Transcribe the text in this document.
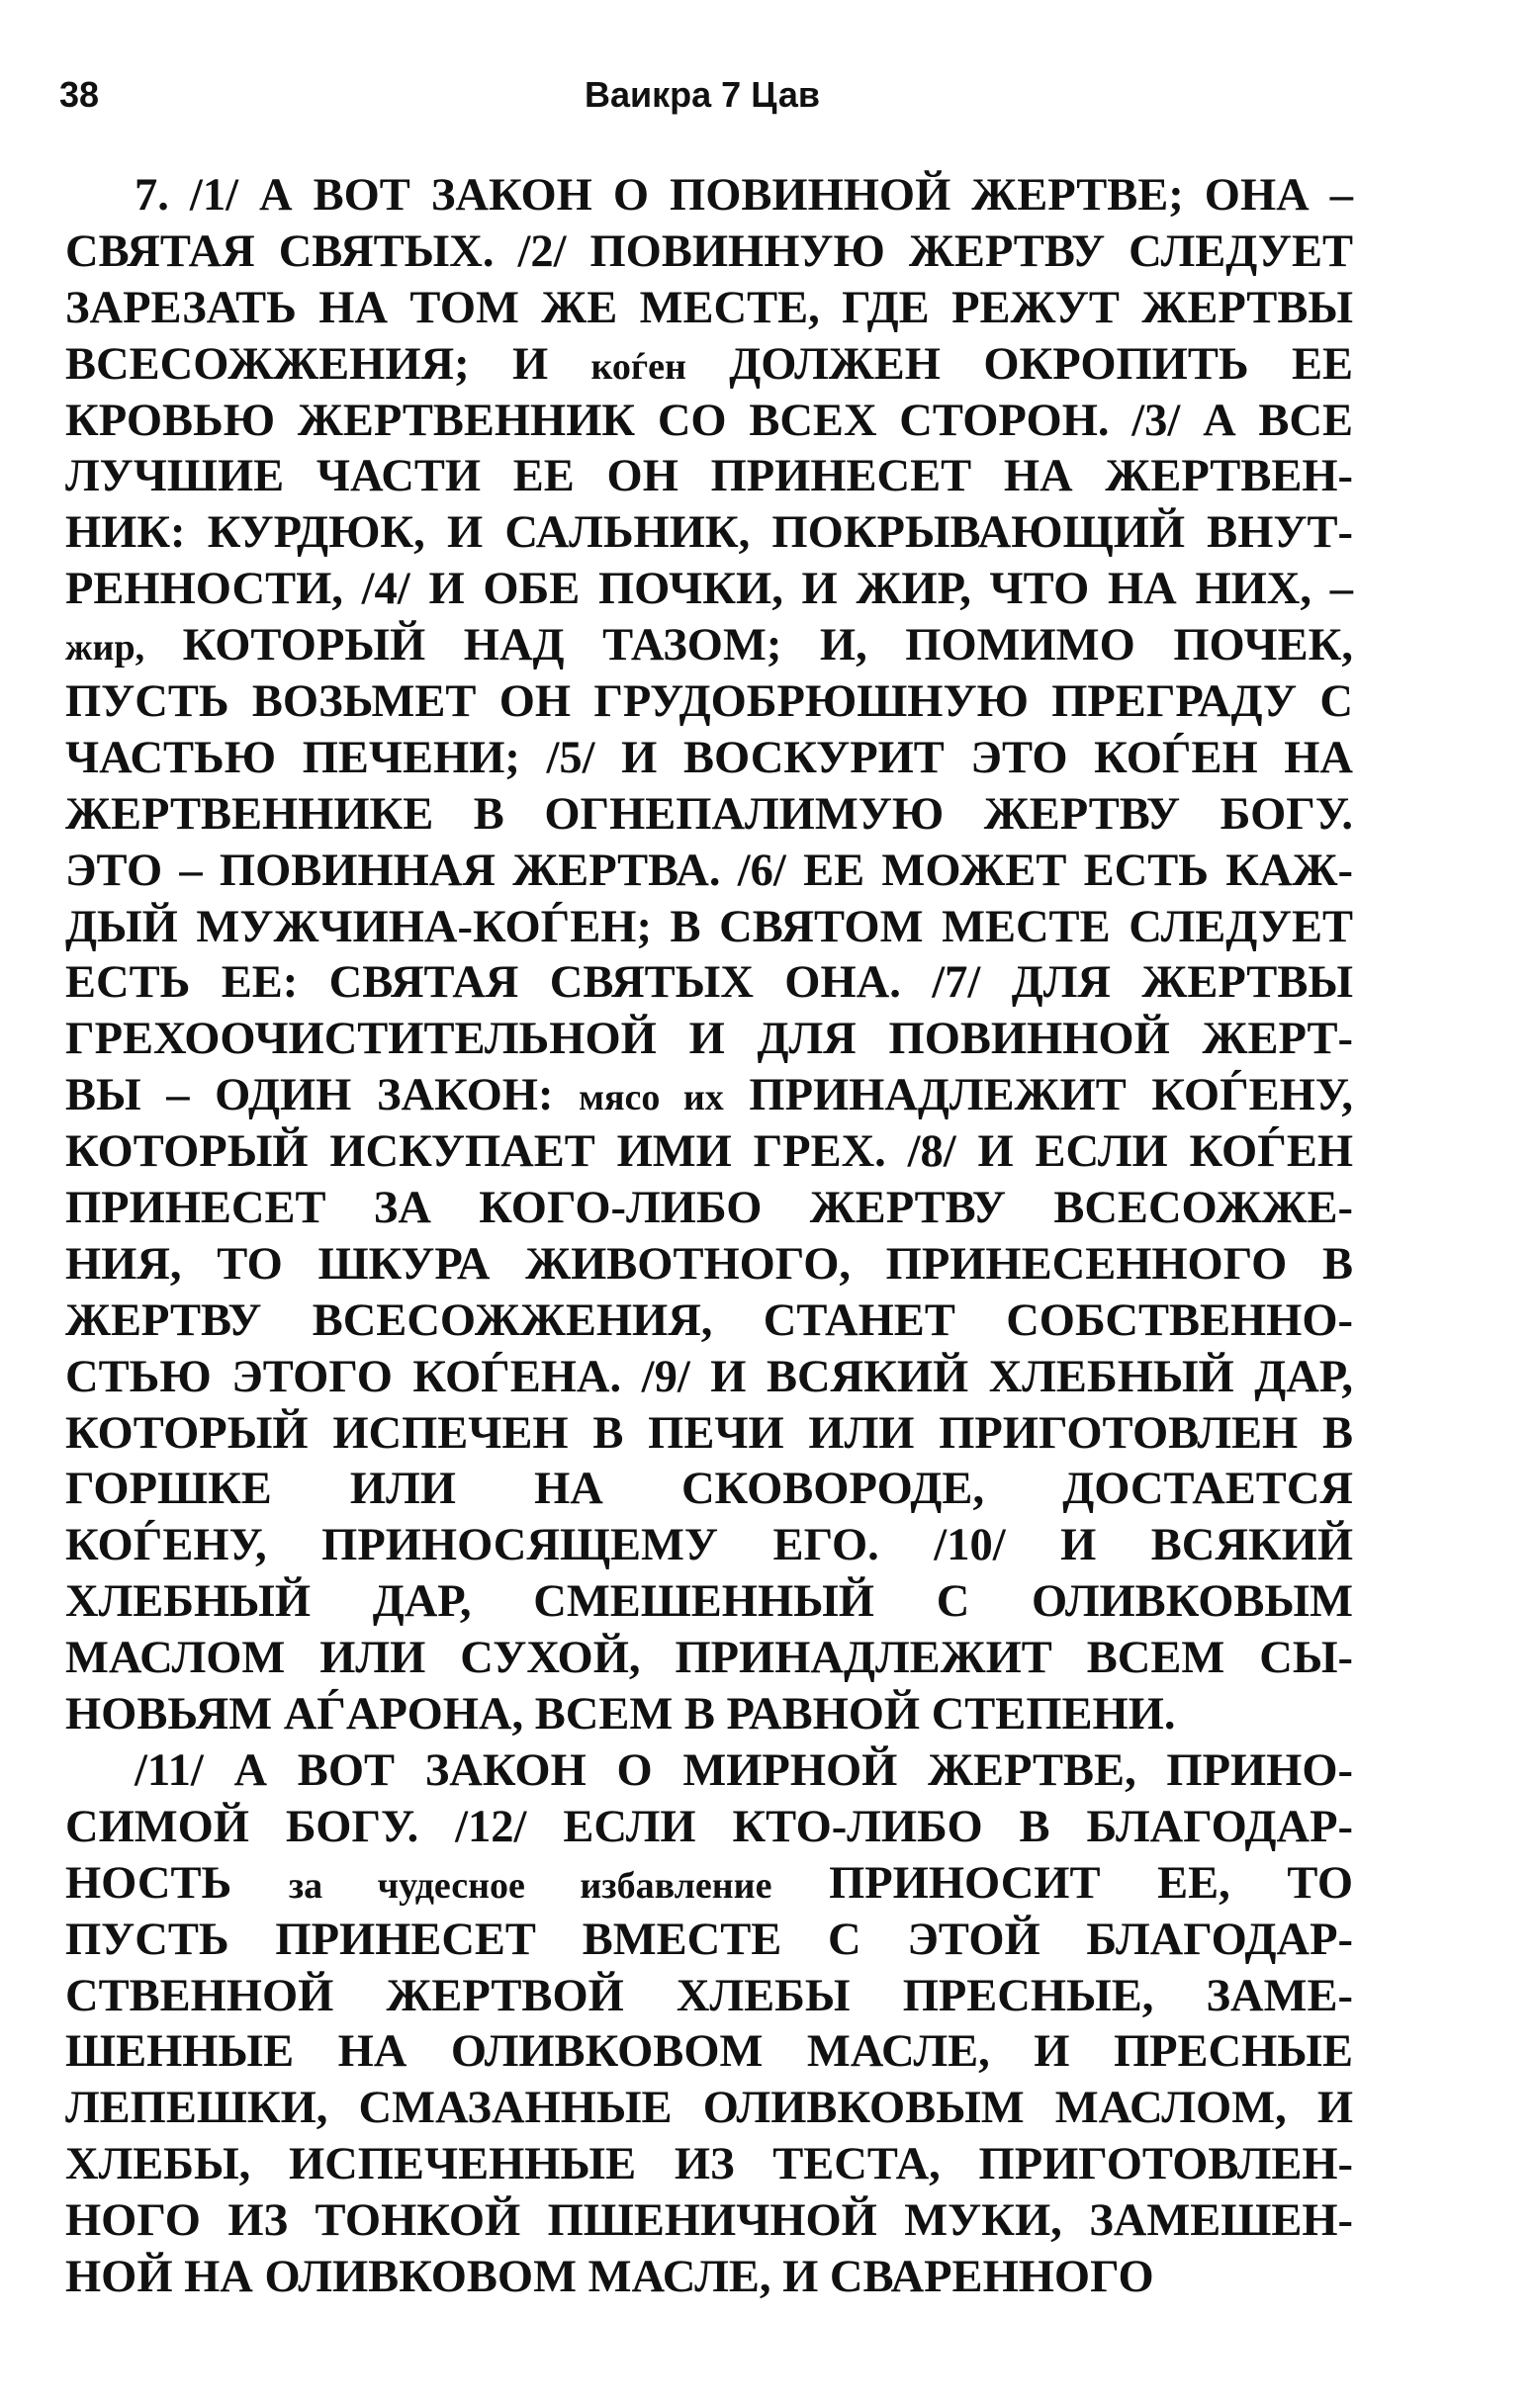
38	Ваикра 7 Цав
7. /1/ А ВОТ ЗАКОН О ПОВИННОЙ ЖЕРТВЕ; ОНА –
СВЯТАЯ СВЯТЫХ. /2/ ПОВИННУЮ ЖЕРТВУ СЛЕДУЕТ
ЗАРЕЗАТЬ НА ТОМ ЖЕ МЕСТЕ, ГДЕ РЕЖУТ ЖЕРТВЫ
ВСЕСОЖЖЕНИЯ; И коѓен ДОЛЖЕН ОКРОПИТЬ ЕЕ
КРОВЬЮ ЖЕРТВЕННИК СО ВСЕХ СТОРОН. /3/ А ВСЕ
ЛУЧШИЕ ЧАСТИ ЕЕ ОН ПРИНЕСЕТ НА ЖЕРТВЕН-
НИК: КУРДЮК, И САЛЬНИК, ПОКРЫВАЮЩИЙ ВНУТ-
РЕННОСТИ, /4/ И ОБЕ ПОЧКИ, И ЖИР, ЧТО НА НИХ, –
жир, КОТОРЫЙ НАД ТАЗОМ; И, ПОМИМО ПОЧЕК,
ПУСТЬ ВОЗЬМЕТ ОН ГРУДОБРЮШНУЮ ПРЕГРАДУ С
ЧАСТЬЮ ПЕЧЕНИ; /5/ И ВОСКУРИТ ЭТО КОЃЕН НА
ЖЕРТВЕННИКЕ В ОГНЕПАЛИМУЮ ЖЕРТВУ БОГУ.
ЭТО – ПОВИННАЯ ЖЕРТВА. /6/ ЕЕ МОЖЕТ ЕСТЬ КАЖ-
ДЫЙ МУЖЧИНА-КОЃЕН; В СВЯТОМ МЕСТЕ СЛЕДУЕТ
ЕСТЬ ЕЕ: СВЯТАЯ СВЯТЫХ ОНА. /7/ ДЛЯ ЖЕРТВЫ
ГРЕХООЧИСТИТЕЛЬНОЙ И ДЛЯ ПОВИННОЙ ЖЕРТ-
ВЫ – ОДИН ЗАКОН: мясо их ПРИНАДЛЕЖИТ КОЃЕНУ,
КОТОРЫЙ ИСКУПАЕТ ИМИ ГРЕХ. /8/ И ЕСЛИ КОЃЕН
ПРИНЕСЕТ ЗА КОГО-ЛИБО ЖЕРТВУ ВСЕСОЖЖЕ-
НИЯ, ТО ШКУРА ЖИВОТНОГО, ПРИНЕСЕННОГО В
ЖЕРТВУ ВСЕСОЖЖЕНИЯ, СТАНЕТ СОБСТВЕННО-
СТЬЮ ЭТОГО КОЃЕНА. /9/ И ВСЯКИЙ ХЛЕБНЫЙ ДАР,
КОТОРЫЙ ИСПЕЧЕН В ПЕЧИ ИЛИ ПРИГОТОВЛЕН В
ГОРШКЕ ИЛИ НА СКОВОРОДЕ, ДОСТАЕТСЯ
КОЃЕНУ, ПРИНОСЯЩЕМУ ЕГО. /10/ И ВСЯКИЙ
ХЛЕБНЫЙ ДАР, СМЕШЕННЫЙ С ОЛИВКОВЫМ
МАСЛОМ ИЛИ СУХОЙ, ПРИНАДЛЕЖИТ ВСЕМ СЫ-
НОВЬЯМ АЃАРОНА, ВСЕМ В РАВНОЙ СТЕПЕНИ.
/11/ А ВОТ ЗАКОН О МИРНОЙ ЖЕРТВЕ, ПРИНО-
СИМОЙ БОГУ. /12/ ЕСЛИ КТО-ЛИБО В БЛАГОДАР-
НОСТЬ за чудесное избавление ПРИНОСИТ ЕЕ, ТО
ПУСТЬ ПРИНЕСЕТ ВМЕСТЕ С ЭТОЙ БЛАГОДАР-
СТВЕННОЙ ЖЕРТВОЙ ХЛЕБЫ ПРЕСНЫЕ, ЗАМЕ-
ШЕННЫЕ НА ОЛИВКОВОМ МАСЛЕ, И ПРЕСНЫЕ
ЛЕПЕШКИ, СМАЗАННЫЕ ОЛИВКОВЫМ МАСЛОМ, И
ХЛЕБЫ, ИСПЕЧЕННЫЕ ИЗ ТЕСТА, ПРИГОТОВЛЕН-
НОГО ИЗ ТОНКОЙ ПШЕНИЧНОЙ МУКИ, ЗАМЕШЕН-
НОЙ НА ОЛИВКОВОМ МАСЛЕ, И СВАРЕННОГО
